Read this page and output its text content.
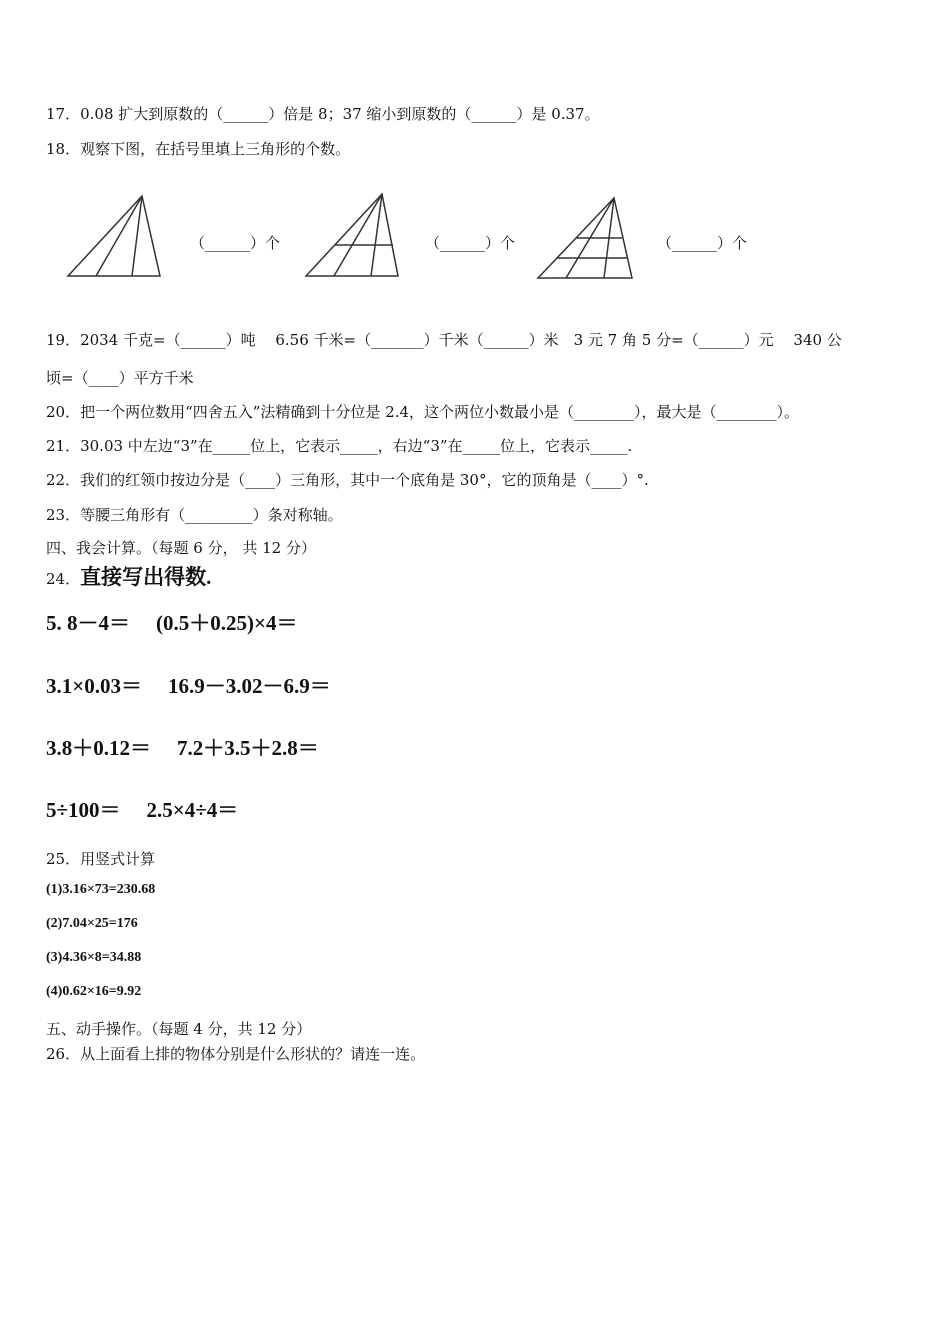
17．0.08 扩大到原数的（______）倍是 8；37 缩小到原数的（______）是 0.37。
18．观察下图，在括号里填上三角形的个数。
（______）个	（______）个	（______）个
19．2034 千克=（______）吨　 6.56 千米=（_______）千米（______）米　3 元 7 角 5 分=（______）元　 340 公
顷=（____）平方千米
20．把一个两位数用“四舍五入”法精确到十分位是 2.4，这个两位小数最小是（________），最大是（________）。
21．30.03 中左边“3”在_____位上，它表示_____，右边“3”在_____位上，它表示_____.
22．我们的红领巾按边分是（____）三角形，其中一个底角是 30°，它的顶角是（____）°.
23．等腰三角形有（_________）条对称轴。
四、我会计算。（每题 6 分， 共 12 分）
24．直接写出得数.
5. 8－4＝ (0.5＋0.25)×4＝
3.1×0.03＝ 16.9－3.02－6.9＝
3.8＋0.12＝ 7.2＋3.5＋2.8＝
5÷100＝ 2.5×4÷4＝
25．用竖式计算
(1)3.16×73=230.68
(2)7.04×25=176
(3)4.36×8=34.88
(4)0.62×16=9.92
五、动手操作。（每题 4 分，共 12 分）
26．从上面看上排的物体分别是什么形状的？请连一连。
